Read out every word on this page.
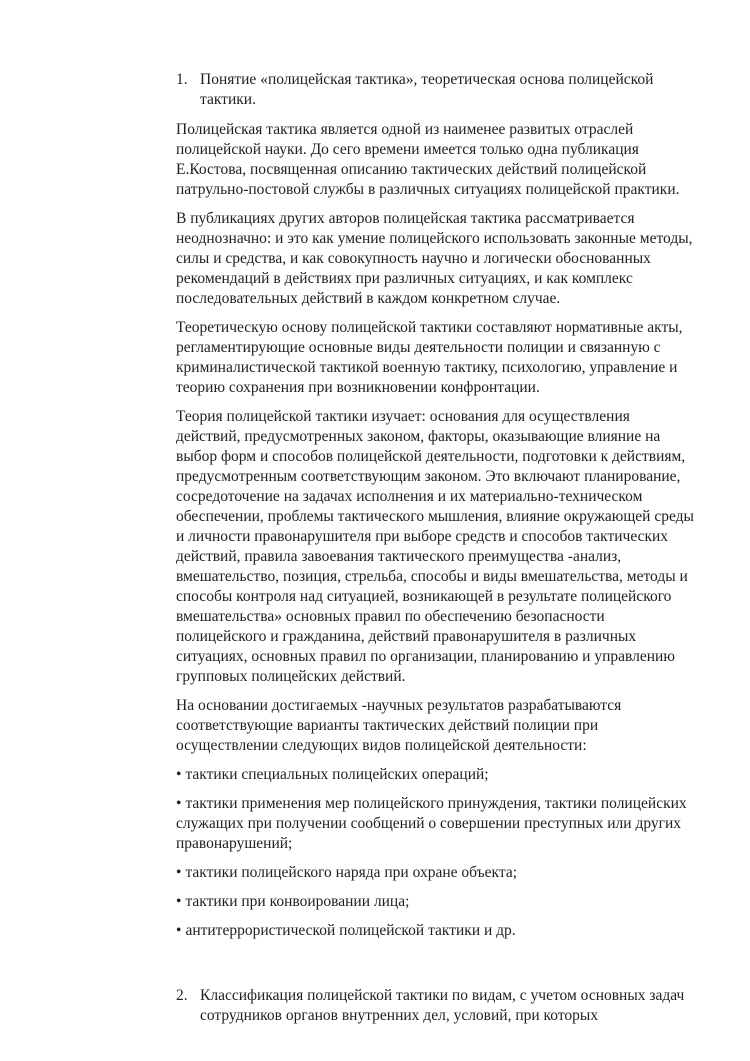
1. Понятие «полицейская тактика», теоретическая основа полицейской тактики.

Полицейская тактика является одной из наименее развитых отраслей полицейской науки. До сего времени имеется только одна публикация Е.Костова, посвященная описанию тактических действий полицейской патрульно-постовой службы в различных ситуациях полицейской практики.

В публикациях других авторов полицейская тактика рассматривается неоднозначно: и это как умение полицейского использовать законные методы, силы и средства, и как совокупность научно и логически обоснованных рекомендаций в действиях при различных ситуациях, и как комплекс последовательных действий в каждом конкретном случае.

Теоретическую основу полицейской тактики составляют нормативные акты, регламентирующие основные виды деятельности полиции и связанную с криминалистической тактикой военную тактику, психологию, управление и теорию сохранения при возникновении конфронтации.

Теория полицейской тактики изучает: основания для осуществления действий, предусмотренных законом, факторы, оказывающие влияние на выбор форм и способов полицейской деятельности, подготовки к действиям, предусмотренным соответствующим законом. Это включают планирование, сосредоточение на задачах исполнения и их материально-техническом обеспечении, проблемы тактического мышления, влияние окружающей среды и личности правонарушителя при выборе средств и способов тактических действий, правила завоевания тактического преимущества -анализ, вмешательство, позиция, стрельба, способы и виды вмешательства, методы и способы контроля над ситуацией, возникающей в результате полицейского вмешательства» основных правил по обеспечению безопасности полицейского и гражданина, действий правонарушителя в различных ситуациях, основных правил по организации, планированию и управлению групповых полицейских действий.

На основании достигаемых -научных результатов разрабатываются соответствующие варианты тактических действий полиции при осуществлении следующих видов полицейской деятельности:

• тактики специальных полицейских операций;

• тактики применения мер полицейского принуждения, тактики полицейских служащих при получении сообщений о совершении преступных или других правонарушений;

• тактики полицейского наряда при охране объекта;

• тактики при конвоировании лица;

• антитеррористической полицейской тактики и др.

2. Классификация полицейской тактики по видам, с учетом основных задач сотрудников органов внутренних дел, условий, при которых
